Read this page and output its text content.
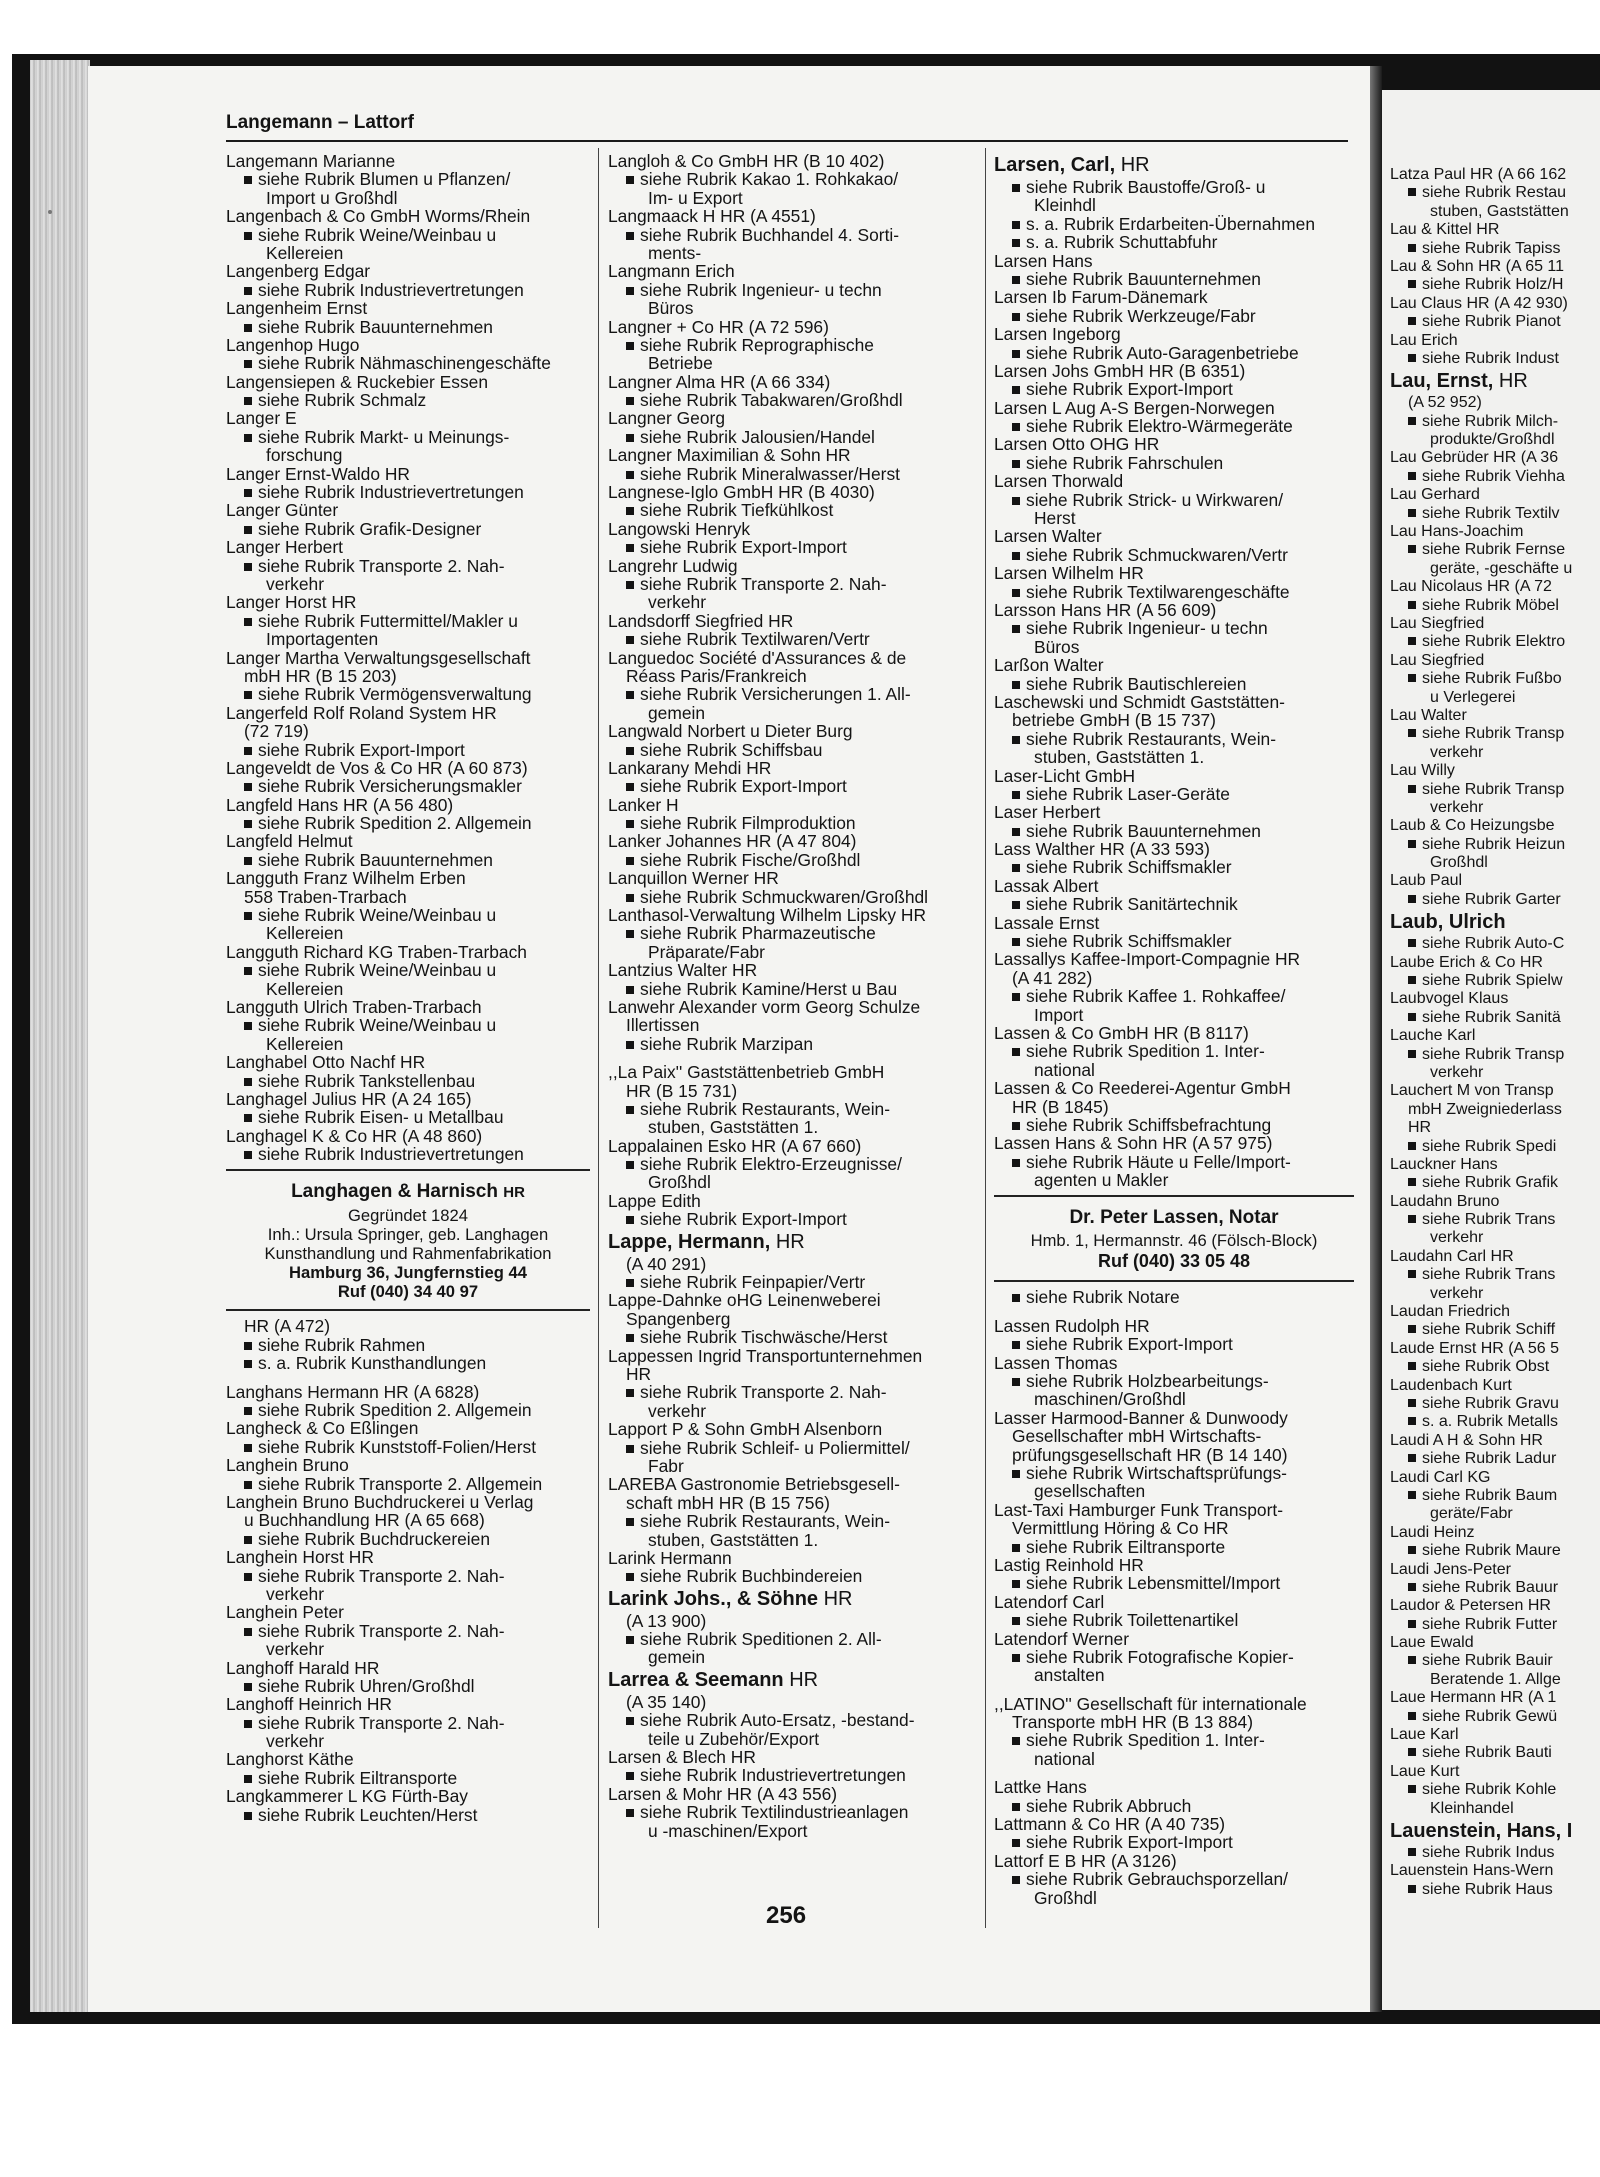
Latza Paul HR (A 66 162
siehe Rubrik Restau
stuben, Gaststätten
Lau & Kittel HR
siehe Rubrik Tapiss
Lau & Sohn HR (A 65 11
siehe Rubrik Holz/H
Lau Claus HR (A 42 930)
siehe Rubrik Pianot
Lau Erich
siehe Rubrik Indust
Lau, Ernst, HR
(A 52 952)
siehe Rubrik Milch-
produkte/Großhdl
Lau Gebrüder HR (A 36
siehe Rubrik Viehha
Lau Gerhard
siehe Rubrik Textilv
Lau Hans-Joachim
siehe Rubrik Fernse
geräte, -geschäfte u
Lau Nicolaus HR (A 72
siehe Rubrik Möbel
Lau Siegfried
siehe Rubrik Elektro
Lau Siegfried
siehe Rubrik Fußbo
u Verlegerei
Lau Walter
siehe Rubrik Transp
verkehr
Lau Willy
siehe Rubrik Transp
verkehr
Laub & Co Heizungsbe
siehe Rubrik Heizun
Großhdl
Laub Paul
siehe Rubrik Garter
Laub, Ulrich
siehe Rubrik Auto-C
Laube Erich & Co HR
siehe Rubrik Spielw
Laubvogel Klaus
siehe Rubrik Sanitä
Lauche Karl
siehe Rubrik Transp
verkehr
Lauchert M von Transp
mbH Zweigniederlass
HR
siehe Rubrik Spedi
Lauckner Hans
siehe Rubrik Grafik
Laudahn Bruno
siehe Rubrik Trans
verkehr
Laudahn Carl HR
siehe Rubrik Trans
verkehr
Laudan Friedrich
siehe Rubrik Schiff
Laude Ernst HR (A 56 5
siehe Rubrik Obst
Laudenbach Kurt
siehe Rubrik Gravu
s. a. Rubrik Metalls
Laudi A H & Sohn HR
siehe Rubrik Ladur
Laudi Carl KG
siehe Rubrik Baum
geräte/Fabr
Laudi Heinz
siehe Rubrik Maure
Laudi Jens-Peter
siehe Rubrik Bauur
Laudor & Petersen HR
siehe Rubrik Futter
Laue Ewald
siehe Rubrik Bauir
Beratende 1. Allge
Laue Hermann HR (A 1
siehe Rubrik Gewü
Laue Karl
siehe Rubrik Bauti
Laue Kurt
siehe Rubrik Kohle
Kleinhandel
Lauenstein, Hans, I
siehe Rubrik Indus
Lauenstein Hans-Wern
siehe Rubrik Haus
Langemann – Lattorf
Langemann Marianne
siehe Rubrik Blumen u Pflanzen/
Import u Großhdl
Langenbach & Co GmbH Worms/Rhein
siehe Rubrik Weine/Weinbau u
Kellereien
Langenberg Edgar
siehe Rubrik Industrievertretungen
Langenheim Ernst
siehe Rubrik Bauunternehmen
Langenhop Hugo
siehe Rubrik Nähmaschinengeschäfte
Langensiepen & Ruckebier Essen
siehe Rubrik Schmalz
Langer E
siehe Rubrik Markt- u Meinungs-
forschung
Langer Ernst-Waldo HR
siehe Rubrik Industrievertretungen
Langer Günter
siehe Rubrik Grafik-Designer
Langer Herbert
siehe Rubrik Transporte 2. Nah-
verkehr
Langer Horst HR
siehe Rubrik Futtermittel/Makler u
Importagenten
Langer Martha Verwaltungsgesellschaft
mbH HR (B 15 203)
siehe Rubrik Vermögensverwaltung
Langerfeld Rolf Roland System HR
(72 719)
siehe Rubrik Export-Import
Langeveldt de Vos & Co HR (A 60 873)
siehe Rubrik Versicherungsmakler
Langfeld Hans HR (A 56 480)
siehe Rubrik Spedition 2. Allgemein
Langfeld Helmut
siehe Rubrik Bauunternehmen
Langguth Franz Wilhelm Erben
558 Traben-Trarbach
siehe Rubrik Weine/Weinbau u
Kellereien
Langguth Richard KG Traben-Trarbach
siehe Rubrik Weine/Weinbau u
Kellereien
Langguth Ulrich Traben-Trarbach
siehe Rubrik Weine/Weinbau u
Kellereien
Langhabel Otto Nachf HR
siehe Rubrik Tankstellenbau
Langhagel Julius HR (A 24 165)
siehe Rubrik Eisen- u Metallbau
Langhagel K & Co HR (A 48 860)
siehe Rubrik Industrievertretungen
Langhagen & Harnisch HR
Gegründet 1824
Inh.: Ursula Springer, geb. Langhagen
Kunsthandlung und Rahmenfabrikation
Hamburg 36, Jungfernstieg 44
Ruf (040) 34 40 97
HR (A 472)
siehe Rubrik Rahmen
s. a. Rubrik Kunsthandlungen
Langhans Hermann HR (A 6828)
siehe Rubrik Spedition 2. Allgemein
Langheck & Co Eßlingen
siehe Rubrik Kunststoff-Folien/Herst
Langhein Bruno
siehe Rubrik Transporte 2. Allgemein
Langhein Bruno Buchdruckerei u Verlag
u Buchhandlung HR (A 65 668)
siehe Rubrik Buchdruckereien
Langhein Horst HR
siehe Rubrik Transporte 2. Nah-
verkehr
Langhein Peter
siehe Rubrik Transporte 2. Nah-
verkehr
Langhoff Harald HR
siehe Rubrik Uhren/Großhdl
Langhoff Heinrich HR
siehe Rubrik Transporte 2. Nah-
verkehr
Langhorst Käthe
siehe Rubrik Eiltransporte
Langkammerer L KG Fürth-Bay
siehe Rubrik Leuchten/Herst
Langloh & Co GmbH HR (B 10 402)
siehe Rubrik Kakao 1. Rohkakao/
Im- u Export
Langmaack H HR (A 4551)
siehe Rubrik Buchhandel 4. Sorti-
ments-
Langmann Erich
siehe Rubrik Ingenieur- u techn
Büros
Langner + Co HR (A 72 596)
siehe Rubrik Reprographische
Betriebe
Langner Alma HR (A 66 334)
siehe Rubrik Tabakwaren/Großhdl
Langner Georg
siehe Rubrik Jalousien/Handel
Langner Maximilian & Sohn HR
siehe Rubrik Mineralwasser/Herst
Langnese-Iglo GmbH HR (B 4030)
siehe Rubrik Tiefkühlkost
Langowski Henryk
siehe Rubrik Export-Import
Langrehr Ludwig
siehe Rubrik Transporte 2. Nah-
verkehr
Landsdorff Siegfried HR
siehe Rubrik Textilwaren/Vertr
Languedoc Société d'Assurances & de
Réass Paris/Frankreich
siehe Rubrik Versicherungen 1. All-
gemein
Langwald Norbert u Dieter Burg
siehe Rubrik Schiffsbau
Lankarany Mehdi HR
siehe Rubrik Export-Import
Lanker H
siehe Rubrik Filmproduktion
Lanker Johannes HR (A 47 804)
siehe Rubrik Fische/Großhdl
Lanquillon Werner HR
siehe Rubrik Schmuckwaren/Großhdl
Lanthasol-Verwaltung Wilhelm Lipsky HR
siehe Rubrik Pharmazeutische
Präparate/Fabr
Lantzius Walter HR
siehe Rubrik Kamine/Herst u Bau
Lanwehr Alexander vorm Georg Schulze
Illertissen
siehe Rubrik Marzipan
,,La Paix'' Gaststättenbetrieb GmbH
HR (B 15 731)
siehe Rubrik Restaurants, Wein-
stuben, Gaststätten 1.
Lappalainen Esko HR (A 67 660)
siehe Rubrik Elektro-Erzeugnisse/
Großhdl
Lappe Edith
siehe Rubrik Export-Import
Lappe, Hermann, HR
(A 40 291)
siehe Rubrik Feinpapier/Vertr
Lappe-Dahnke oHG Leinenweberei
Spangenberg
siehe Rubrik Tischwäsche/Herst
Lappessen Ingrid Transportunternehmen
HR
siehe Rubrik Transporte 2. Nah-
verkehr
Lapport P & Sohn GmbH Alsenborn
siehe Rubrik Schleif- u Poliermittel/
Fabr
LAREBA Gastronomie Betriebsgesell-
schaft mbH HR (B 15 756)
siehe Rubrik Restaurants, Wein-
stuben, Gaststätten 1.
Larink Hermann
siehe Rubrik Buchbindereien
Larink Johs., & Söhne HR
(A 13 900)
siehe Rubrik Speditionen 2. All-
gemein
Larrea & Seemann HR
(A 35 140)
siehe Rubrik Auto-Ersatz, -bestand-
teile u Zubehör/Export
Larsen & Blech HR
siehe Rubrik Industrievertretungen
Larsen & Mohr HR (A 43 556)
siehe Rubrik Textilindustrieanlagen
u -maschinen/Export
Larsen, Carl, HR
siehe Rubrik Baustoffe/Groß- u
Kleinhdl
s. a. Rubrik Erdarbeiten-Übernahmen
s. a. Rubrik Schuttabfuhr
Larsen Hans
siehe Rubrik Bauunternehmen
Larsen Ib Farum-Dänemark
siehe Rubrik Werkzeuge/Fabr
Larsen Ingeborg
siehe Rubrik Auto-Garagenbetriebe
Larsen Johs GmbH HR (B 6351)
siehe Rubrik Export-Import
Larsen L Aug A-S Bergen-Norwegen
siehe Rubrik Elektro-Wärmegeräte
Larsen Otto OHG HR
siehe Rubrik Fahrschulen
Larsen Thorwald
siehe Rubrik Strick- u Wirkwaren/
Herst
Larsen Walter
siehe Rubrik Schmuckwaren/Vertr
Larsen Wilhelm HR
siehe Rubrik Textilwarengeschäfte
Larsson Hans HR (A 56 609)
siehe Rubrik Ingenieur- u techn
Büros
Larßon Walter
siehe Rubrik Bautischlereien
Laschewski und Schmidt Gaststätten-
betriebe GmbH (B 15 737)
siehe Rubrik Restaurants, Wein-
stuben, Gaststätten 1.
Laser-Licht GmbH
siehe Rubrik Laser-Geräte
Laser Herbert
siehe Rubrik Bauunternehmen
Lass Walther HR (A 33 593)
siehe Rubrik Schiffsmakler
Lassak Albert
siehe Rubrik Sanitärtechnik
Lassale Ernst
siehe Rubrik Schiffsmakler
Lassallys Kaffee-Import-Compagnie HR
(A 41 282)
siehe Rubrik Kaffee 1. Rohkaffee/
Import
Lassen & Co GmbH HR (B 8117)
siehe Rubrik Spedition 1. Inter-
national
Lassen & Co Reederei-Agentur GmbH
HR (B 1845)
siehe Rubrik Schiffsbefrachtung
Lassen Hans & Sohn HR (A 57 975)
siehe Rubrik Häute u Felle/Import-
agenten u Makler
Dr. Peter Lassen, Notar
Hmb. 1, Hermannstr. 46 (Fölsch-Block)
Ruf (040) 33 05 48
siehe Rubrik Notare
Lassen Rudolph HR
siehe Rubrik Export-Import
Lassen Thomas
siehe Rubrik Holzbearbeitungs-
maschinen/Großhdl
Lasser Harmood-Banner & Dunwoody
Gesellschafter mbH Wirtschafts-
prüfungsgesellschaft HR (B 14 140)
siehe Rubrik Wirtschaftsprüfungs-
gesellschaften
Last-Taxi Hamburger Funk Transport-
Vermittlung Höring & Co HR
siehe Rubrik Eiltransporte
Lastig Reinhold HR
siehe Rubrik Lebensmittel/Import
Latendorf Carl
siehe Rubrik Toilettenartikel
Latendorf Werner
siehe Rubrik Fotografische Kopier-
anstalten
,,LATINO'' Gesellschaft für internationale
Transporte mbH HR (B 13 884)
siehe Rubrik Spedition 1. Inter-
national
Lattke Hans
siehe Rubrik Abbruch
Lattmann & Co HR (A 40 735)
siehe Rubrik Export-Import
Lattorf E B HR (A 3126)
siehe Rubrik Gebrauchsporzellan/
Großhdl
256
